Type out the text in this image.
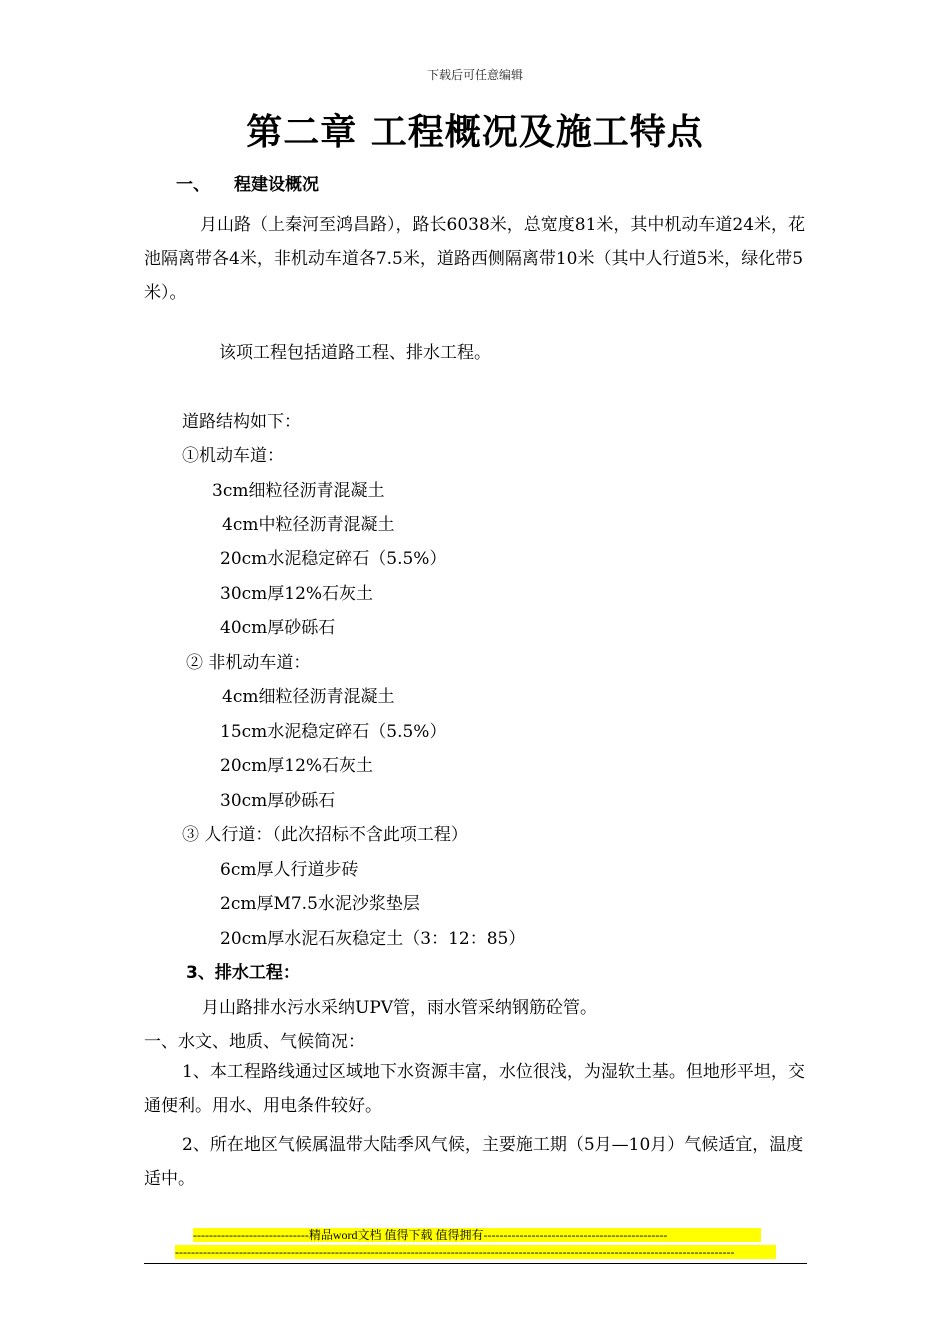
下载后可任意编辑
第二章 工程概况及施工特点
一、 程建设概况
月山路（上秦河至鸿昌路），路长6038米，总宽度81米，其中机动车道24米，花池隔离带各4米，非机动车道各7.5米，道路西侧隔离带10米（其中人行道5米，绿化带5米）。
该项工程包括道路工程、排水工程。
道路结构如下：
①机动车道：
3cm细粒径沥青混凝土
4cm中粒径沥青混凝土
20cm水泥稳定碎石（5.5%）
30cm厚12%石灰土
40cm厚砂砾石
② 非机动车道：
4cm细粒径沥青混凝土
15cm水泥稳定碎石（5.5%）
20cm厚12%石灰土
30cm厚砂砾石
③ 人行道：（此次招标不含此项工程）
6cm厚人行道步砖
2cm厚M7.5水泥沙浆垫层
20cm厚水泥石灰稳定土（3：12：85）
3、排水工程：
月山路排水污水采纳UPV管，雨水管采纳钢筋砼管。
一、水文、地质、气候简况：
1、本工程路线通过区域地下水资源丰富，水位很浅，为湿软土基。但地形平坦，交通便利。用水、用电条件较好。
2、所在地区气候属温带大陆季风气候，主要施工期（5月—10月）气候适宜，温度适中。
-----------------------------精品word文档 值得下载 值得拥有----------------------------------------------
--------------------------------------------------------------------------------------------------------------------------------------------
